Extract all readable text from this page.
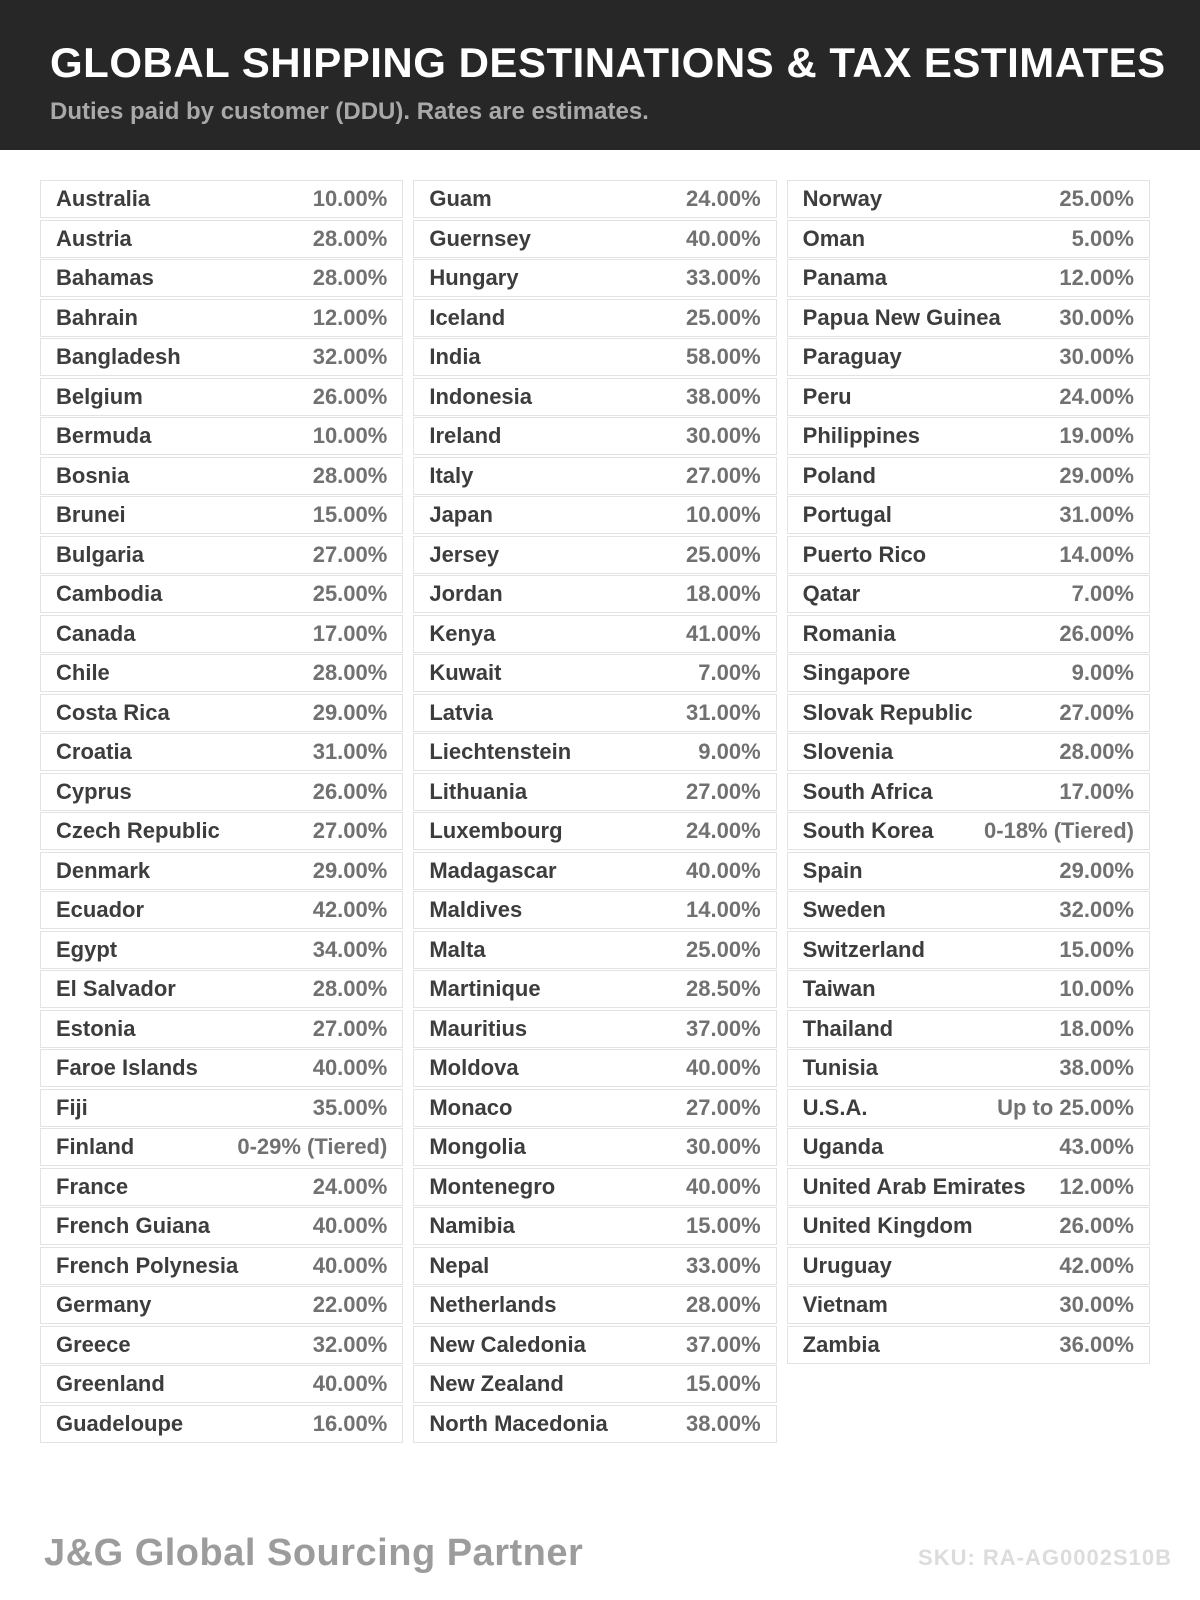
GLOBAL SHIPPING DESTINATIONS & TAX ESTIMATES
Duties paid by customer (DDU). Rates are estimates.
Australia	10.00%
Austria	28.00%
Bahamas	28.00%
Bahrain	12.00%
Bangladesh	32.00%
Belgium	26.00%
Bermuda	10.00%
Bosnia	28.00%
Brunei	15.00%
Bulgaria	27.00%
Cambodia	25.00%
Canada	17.00%
Chile	28.00%
Costa Rica	29.00%
Croatia	31.00%
Cyprus	26.00%
Czech Republic	27.00%
Denmark	29.00%
Ecuador	42.00%
Egypt	34.00%
El Salvador	28.00%
Estonia	27.00%
Faroe Islands	40.00%
Fiji	35.00%
Finland	0-29% (Tiered)
France	24.00%
French Guiana	40.00%
French Polynesia	40.00%
Germany	22.00%
Greece	32.00%
Greenland	40.00%
Guadeloupe	16.00%
Guam	24.00%
Guernsey	40.00%
Hungary	33.00%
Iceland	25.00%
India	58.00%
Indonesia	38.00%
Ireland	30.00%
Italy	27.00%
Japan	10.00%
Jersey	25.00%
Jordan	18.00%
Kenya	41.00%
Kuwait	7.00%
Latvia	31.00%
Liechtenstein	9.00%
Lithuania	27.00%
Luxembourg	24.00%
Madagascar	40.00%
Maldives	14.00%
Malta	25.00%
Martinique	28.50%
Mauritius	37.00%
Moldova	40.00%
Monaco	27.00%
Mongolia	30.00%
Montenegro	40.00%
Namibia	15.00%
Nepal	33.00%
Netherlands	28.00%
New Caledonia	37.00%
New Zealand	15.00%
North Macedonia	38.00%
Norway	25.00%
Oman	5.00%
Panama	12.00%
Papua New Guinea	30.00%
Paraguay	30.00%
Peru	24.00%
Philippines	19.00%
Poland	29.00%
Portugal	31.00%
Puerto Rico	14.00%
Qatar	7.00%
Romania	26.00%
Singapore	9.00%
Slovak Republic	27.00%
Slovenia	28.00%
South Africa	17.00%
South Korea 0-18% (Tiered)
Spain	29.00%
Sweden	32.00%
Switzerland	15.00%
Taiwan	10.00%
Thailand	18.00%
Tunisia	38.00%
U.S.A.	Up to 25.00%
Uganda	43.00%
United Arab Emirates 12.00%
United Kingdom	26.00%
Uruguay	42.00%
Vietnam	30.00%
Zambia	36.00%
J&G Global Sourcing Partner	SKU: RA-AG0002S10B
